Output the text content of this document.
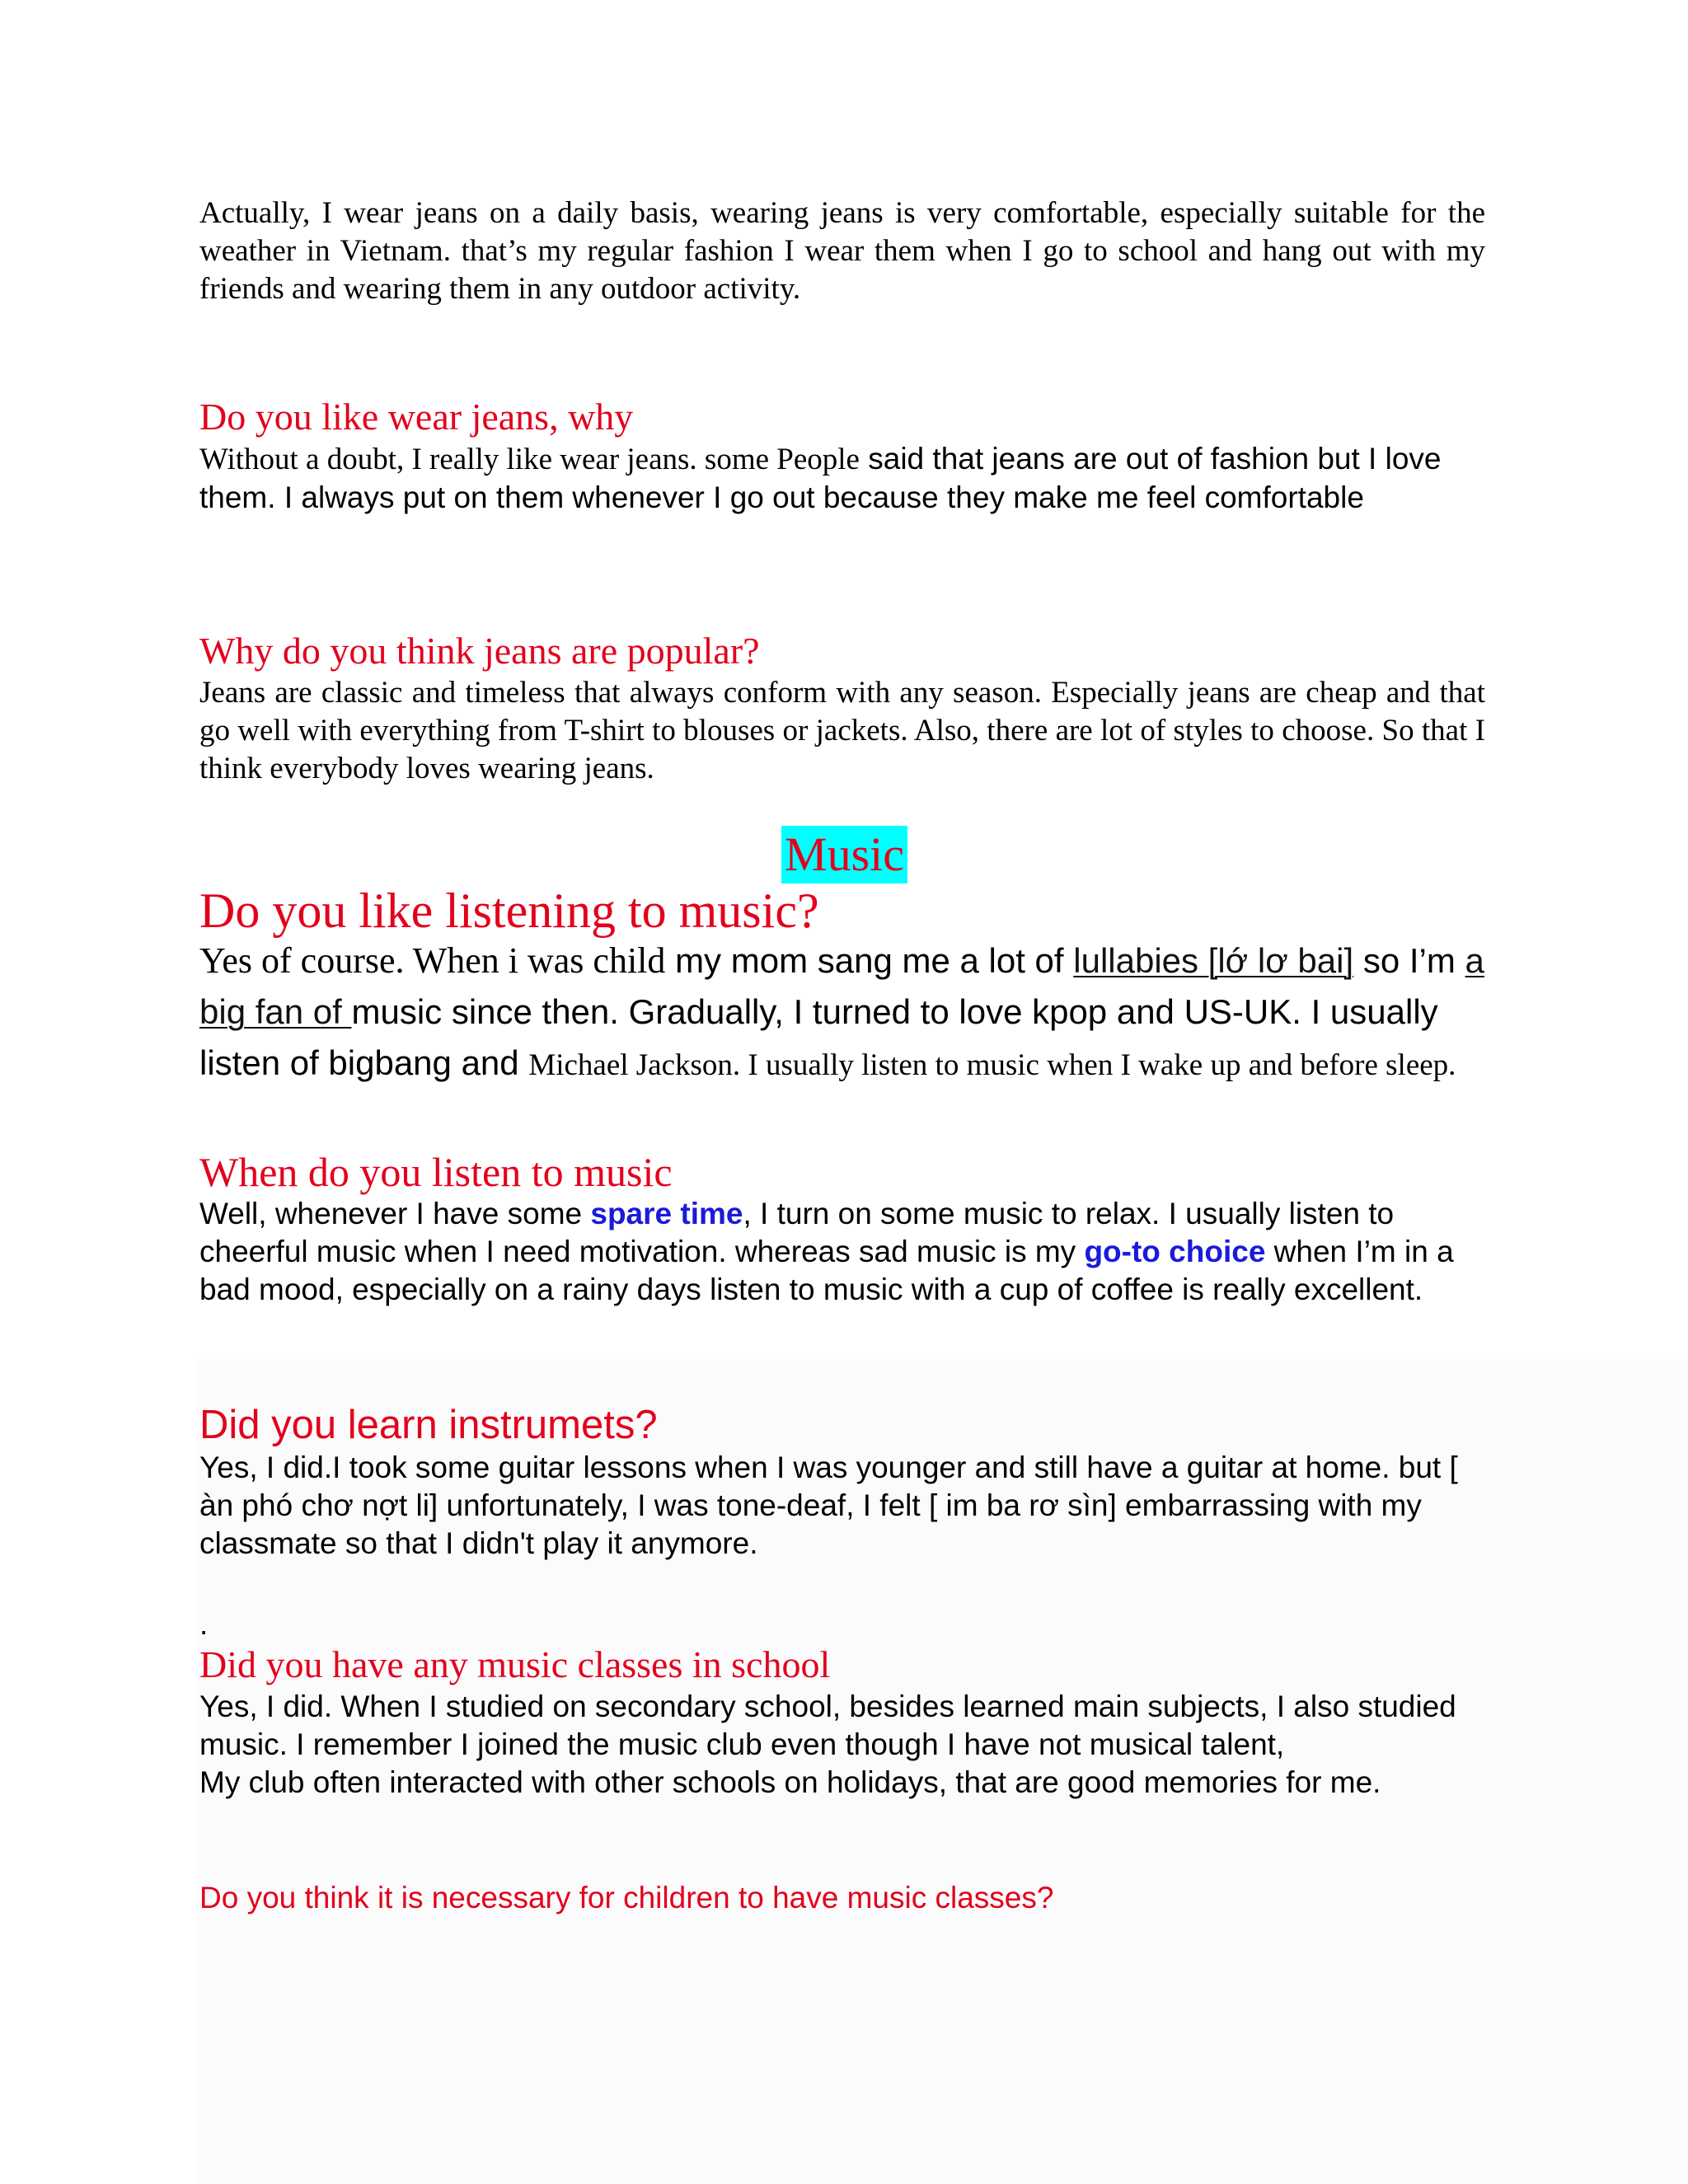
Actually, I wear jeans on a daily basis, wearing jeans is very comfortable, especially suitable for the weather in Vietnam. that’s my regular fashion I wear them when I go to school and hang out with my friends and wearing them in any outdoor activity.

Do you like wear jeans, why

Without a doubt, I really like wear jeans. some People said that jeans are out of fashion but I love them. I always put on them whenever I go out because they make me feel comfortable

Why do you think jeans are popular?

Jeans are classic and timeless that always conform with any season. Especially jeans are cheap and that go well with everything from T-shirt to blouses or jackets. Also, there are lot of styles to choose. So that I think everybody loves wearing jeans.

Music
Do you like listening to music?

Yes of course. When i was child my mom sang me a lot of lullabies [lớ lơ bai] so I’m a big fan of music since then. Gradually, I turned to love kpop and US-UK. I usually listen of bigbang and Michael Jackson. I usually listen to music when I wake up and before sleep.

When do you listen to music

Well, whenever I have some spare time, I turn on some music to relax. I usually listen to cheerful music when I need motivation. whereas sad music is my go-to choice when I’m in a bad mood, especially on a rainy days listen to music with a cup of coffee is really excellent.

Did you learn instrumets?

Yes, I did.I took some guitar lessons when I was younger and still have a guitar at home. but [ àn phó chơ nợt li] unfortunately, I was tone-deaf, I felt [ im ba rơ sìn] embarrassing with my classmate so that I didn't play it anymore.

.
Did you have any music classes in school

Yes, I did. When I studied on secondary school, besides learned main subjects, I also studied music. I remember I joined the music club even though I have not musical talent,

My club often interacted with other schools on holidays, that are good memories for me.

Do you think it is necessary for children to have music classes?
